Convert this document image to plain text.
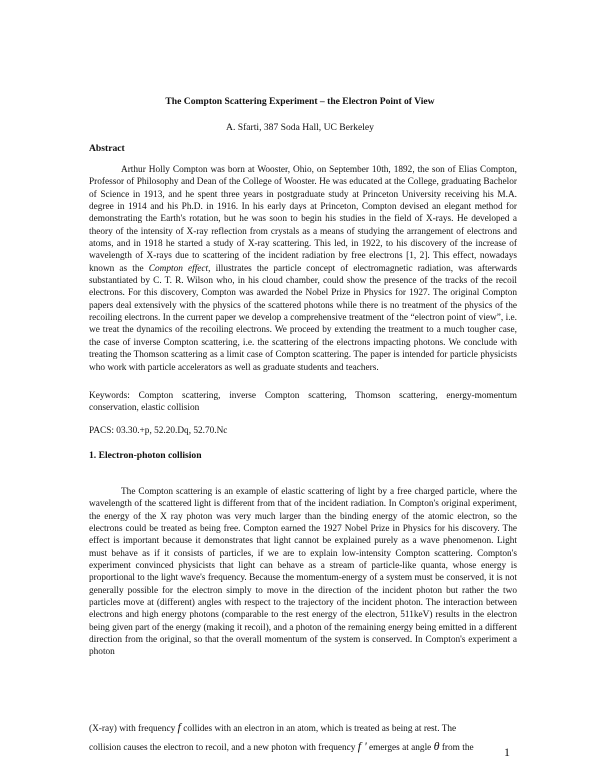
The Compton Scattering Experiment – the Electron Point of View
A. Sfarti, 387 Soda Hall, UC Berkeley
Abstract

Arthur Holly Compton was born at Wooster, Ohio, on September 10th, 1892, the son of Elias Compton, Professor of Philosophy and Dean of the College of Wooster. He was educated at the College, graduating Bachelor of Science in 1913, and he spent three years in postgraduate study at Princeton University receiving his M.A. degree in 1914 and his Ph.D. in 1916. In his early days at Princeton, Compton devised an elegant method for demonstrating the Earth's rotation, but he was soon to begin his studies in the field of X-rays. He developed a theory of the intensity of X-ray reflection from crystals as a means of studying the arrangement of electrons and atoms, and in 1918 he started a study of X-ray scattering. This led, in 1922, to his discovery of the increase of wavelength of X-rays due to scattering of the incident radiation by free electrons [1, 2]. This effect, nowadays known as the Compton effect, illustrates the particle concept of electromagnetic radiation, was afterwards substantiated by C. T. R. Wilson who, in his cloud chamber, could show the presence of the tracks of the recoil electrons. For this discovery, Compton was awarded the Nobel Prize in Physics for 1927. The original Compton papers deal extensively with the physics of the scattered photons while there is no treatment of the physics of the recoiling electrons. In the current paper we develop a comprehensive treatment of the “electron point of view”, i.e. we treat the dynamics of the recoiling electrons. We proceed by extending the treatment to a much tougher case, the case of inverse Compton scattering, i.e. the scattering of the electrons impacting photons. We conclude with treating the Thomson scattering as a limit case of Compton scattering. The paper is intended for particle physicists who work with particle accelerators as well as graduate students and teachers.

Keywords: Compton scattering, inverse Compton scattering, Thomson scattering, energy-momentum conservation, elastic collision

PACS: 03.30.+p, 52.20.Dq, 52.70.Nc
1. Electron-photon collision

The Compton scattering is an example of elastic scattering of light by a free charged particle, where the wavelength of the scattered light is different from that of the incident radiation. In Compton's original experiment, the energy of the X ray photon was very much larger than the binding energy of the atomic electron, so the electrons could be treated as being free. Compton earned the 1927 Nobel Prize in Physics for his discovery. The effect is important because it demonstrates that light cannot be explained purely as a wave phenomenon. Light must behave as if it consists of particles, if we are to explain low-intensity Compton scattering. Compton's experiment convinced physicists that light can behave as a stream of particle-like quanta, whose energy is proportional to the light wave's frequency. Because the momentum-energy of a system must be conserved, it is not generally possible for the electron simply to move in the direction of the incident photon but rather the two particles move at (different) angles with respect to the trajectory of the incident photon. The interaction between electrons and high energy photons (comparable to the rest energy of the electron, 511keV) results in the electron being given part of the energy (making it recoil), and a photon of the remaining energy being emitted in a different direction from the original, so that the overall momentum of the system is conserved. In Compton's experiment a photon

(X-ray) with frequency f collides with an electron in an atom, which is treated as being at rest. The
collision causes the electron to recoil, and a new photon with frequency f ' emerges at angle θ from the	1
